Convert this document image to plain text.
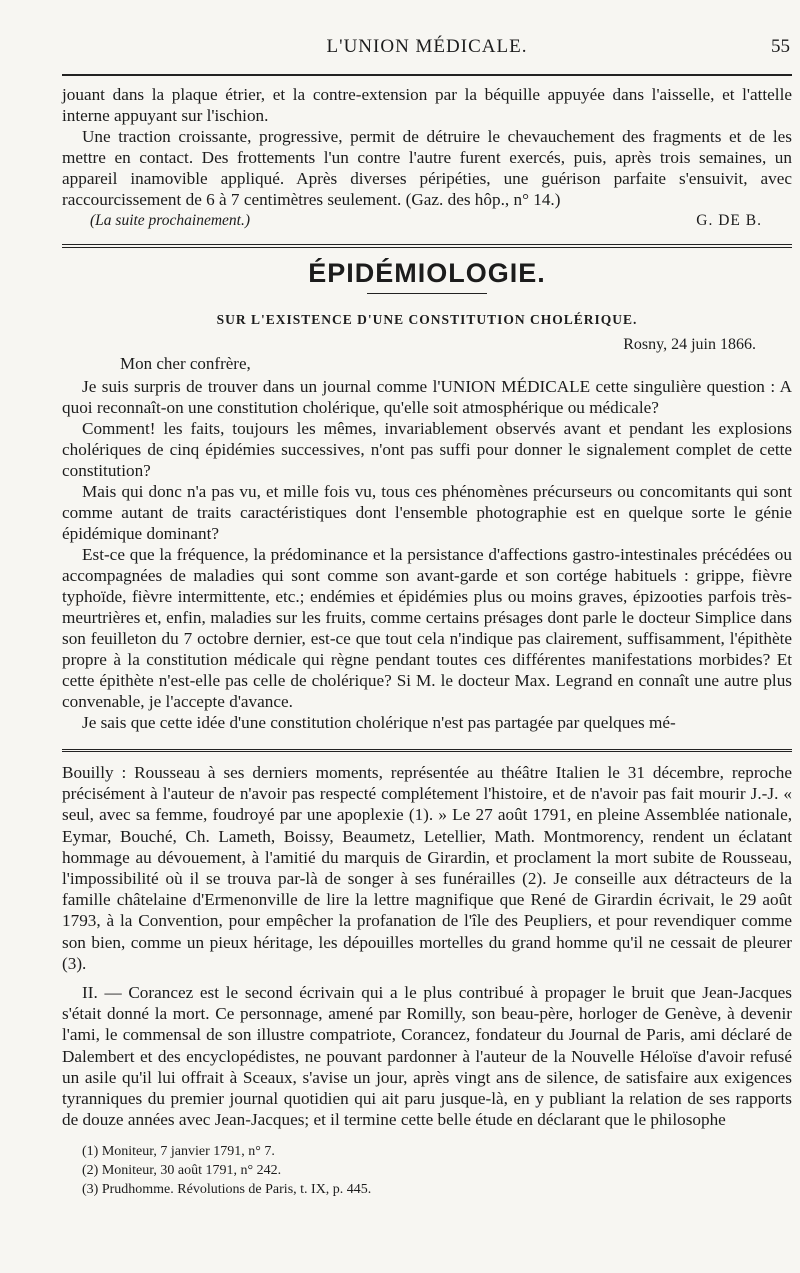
L'UNION MÉDICALE.	55

jouant dans la plaque étrier, et la contre-extension par la béquille appuyée dans l'aisselle, et l'attelle interne appuyant sur l'ischion.

Une traction croissante, progressive, permit de détruire le chevauchement des fragments et de les mettre en contact. Des frottements l'un contre l'autre furent exercés, puis, après trois semaines, un appareil inamovible appliqué. Après diverses péripéties, une guérison parfaite s'ensuivit, avec raccourcissement de 6 à 7 centimètres seulement. (Gaz. des hôp., n° 14.)

(La suite prochainement.)	G. DE B.
ÉPIDÉMIOLOGIE.
SUR L'EXISTENCE D'UNE CONSTITUTION CHOLÉRIQUE.
Rosny, 24 juin 1866.
Mon cher confrère,

Je suis surpris de trouver dans un journal comme l'UNION MÉDICALE cette singulière question : A quoi reconnaît-on une constitution cholérique, qu'elle soit atmosphérique ou médicale?

Comment! les faits, toujours les mêmes, invariablement observés avant et pendant les explosions cholériques de cinq épidémies successives, n'ont pas suffi pour donner le signalement complet de cette constitution?

Mais qui donc n'a pas vu, et mille fois vu, tous ces phénomènes précurseurs ou concomitants qui sont comme autant de traits caractéristiques dont l'ensemble photographie est en quelque sorte le génie épidémique dominant?

Est-ce que la fréquence, la prédominance et la persistance d'affections gastro-intestinales précédées ou accompagnées de maladies qui sont comme son avant-garde et son cortége habituels : grippe, fièvre typhoïde, fièvre intermittente, etc.; endémies et épidémies plus ou moins graves, épizooties parfois très-meurtrières et, enfin, maladies sur les fruits, comme certains présages dont parle le docteur Simplice dans son feuilleton du 7 octobre dernier, est-ce que tout cela n'indique pas clairement, suffisamment, l'épithète propre à la constitution médicale qui règne pendant toutes ces différentes manifestations morbides? Et cette épithète n'est-elle pas celle de cholérique? Si M. le docteur Max. Legrand en connaît une autre plus convenable, je l'accepte d'avance.

Je sais que cette idée d'une constitution cholérique n'est pas partagée par quelques mé-

Bouilly : Rousseau à ses derniers moments, représentée au théâtre Italien le 31 décembre, reproche précisément à l'auteur de n'avoir pas respecté complétement l'histoire, et de n'avoir pas fait mourir J.-J. « seul, avec sa femme, foudroyé par une apoplexie (1). » Le 27 août 1791, en pleine Assemblée nationale, Eymar, Bouché, Ch. Lameth, Boissy, Beaumetz, Letellier, Math. Montmorency, rendent un éclatant hommage au dévouement, à l'amitié du marquis de Girardin, et proclament la mort subite de Rousseau, l'impossibilité où il se trouva par-là de songer à ses funérailles (2). Je conseille aux détracteurs de la famille châtelaine d'Ermenonville de lire la lettre magnifique que René de Girardin écrivait, le 29 août 1793, à la Convention, pour empêcher la profanation de l'île des Peupliers, et pour revendiquer comme son bien, comme un pieux héritage, les dépouilles mortelles du grand homme qu'il ne cessait de pleurer (3).

II. — Corancez est le second écrivain qui a le plus contribué à propager le bruit que Jean-Jacques s'était donné la mort. Ce personnage, amené par Romilly, son beau-père, horloger de Genève, à devenir l'ami, le commensal de son illustre compatriote, Corancez, fondateur du Journal de Paris, ami déclaré de Dalembert et des encyclopédistes, ne pouvant pardonner à l'auteur de la Nouvelle Héloïse d'avoir refusé un asile qu'il lui offrait à Sceaux, s'avise un jour, après vingt ans de silence, de satisfaire aux exigences tyranniques du premier journal quotidien qui ait paru jusque-là, en y publiant la relation de ses rapports de douze années avec Jean-Jacques; et il termine cette belle étude en déclarant que le philosophe

(1) Moniteur, 7 janvier 1791, n° 7.
(2) Moniteur, 30 août 1791, n° 242.
(3) Prudhomme. Révolutions de Paris, t. IX, p. 445.
